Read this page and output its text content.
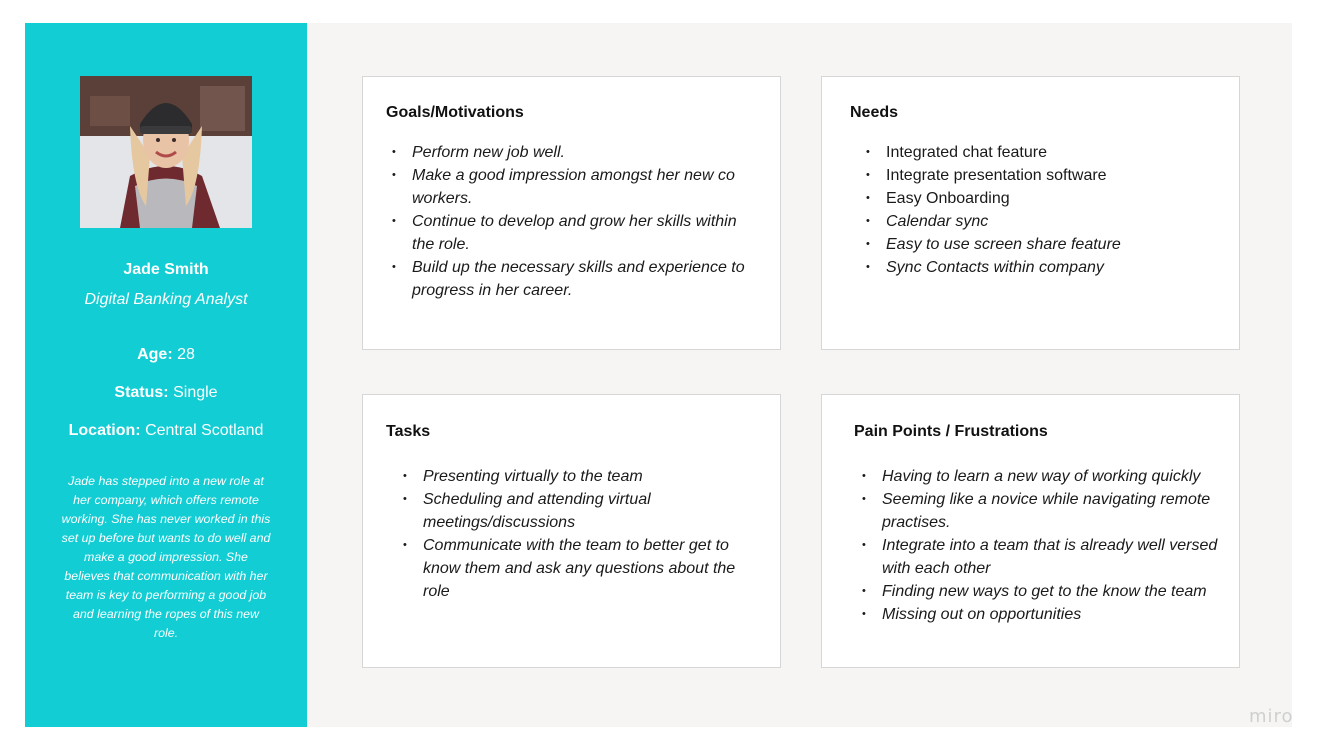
Jade Smith
Digital Banking Analyst
Age: 28
Status: Single
Location: Central Scotland
Jade has stepped into a new role at her company, which offers remote working. She has never worked in this set up before but wants to do well and make a good impression. She believes that communication with her team is key to performing a good job and learning the ropes of this new role.
Goals/Motivations
• Perform new job well.
• Make a good impression amongst her new co workers.
• Continue to develop and grow her skills within the role.
• Build up the necessary skills and experience to progress in her career.
Needs
• Integrated chat feature
• Integrate presentation software
• Easy Onboarding
• Calendar sync
• Easy to use screen share feature
• Sync Contacts within company
Tasks
• Presenting virtually to the team
• Scheduling and attending virtual meetings/discussions
• Communicate with the team to better get to know them and ask any questions about the role
Pain Points / Frustrations
• Having to learn a new way of working quickly
• Seeming like a novice while navigating remote practises.
• Integrate into a team that is already well versed with each other
• Finding new ways to get to the know the team
• Missing out on opportunities
miro
